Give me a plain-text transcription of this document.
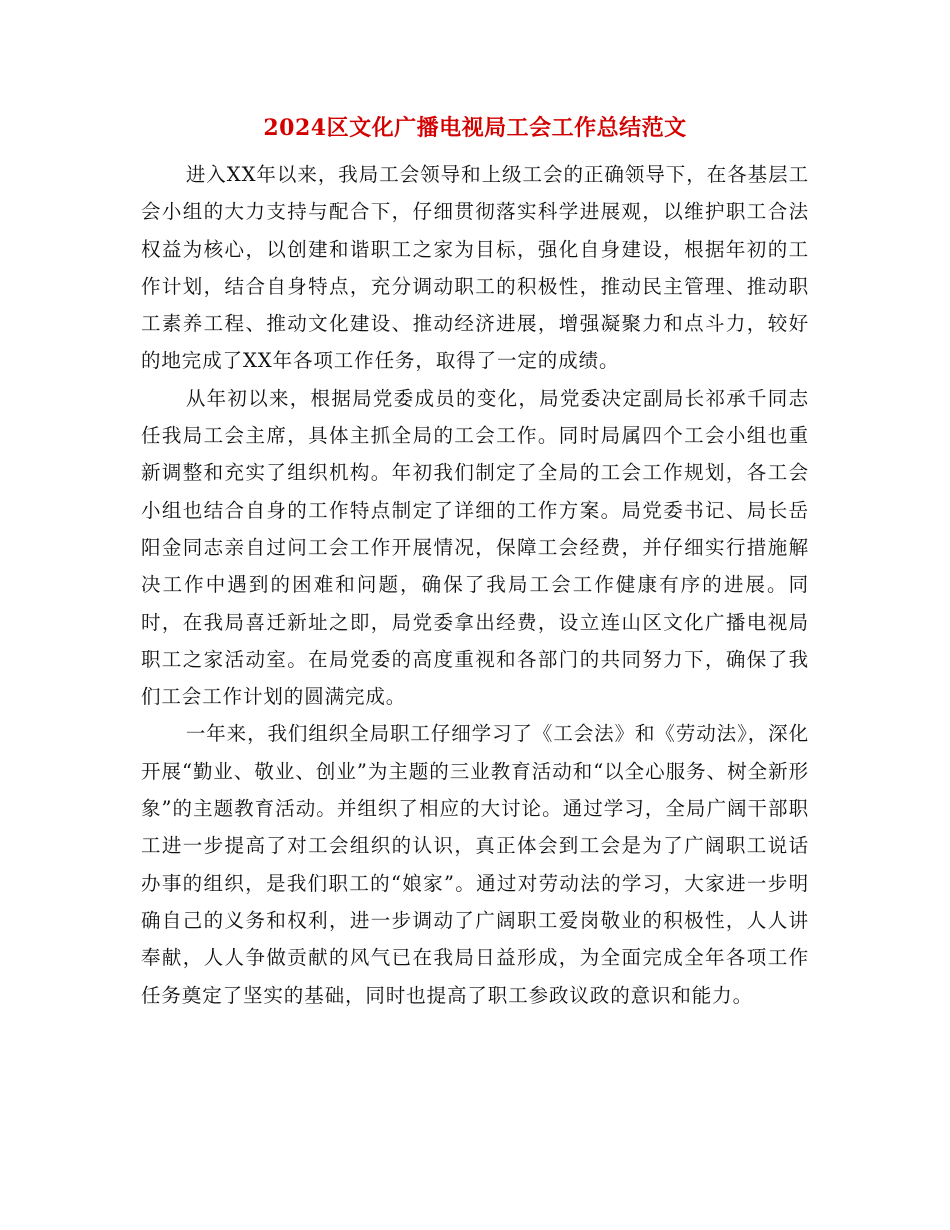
2024区文化广播电视局工会工作总结范文

进入XX年以来，我局工会领导和上级工会的正确领导下，在各基层工会小组的大力支持与配合下，仔细贯彻落实科学进展观，以维护职工合法权益为核心，以创建和谐职工之家为目标，强化自身建设，根据年初的工作计划，结合自身特点，充分调动职工的积极性，推动民主管理、推动职工素养工程、推动文化建设、推动经济进展，增强凝聚力和点斗力，较好的地完成了XX年各项工作任务，取得了一定的成绩。

从年初以来，根据局党委成员的变化，局党委决定副局长祁承千同志任我局工会主席，具体主抓全局的工会工作。同时局属四个工会小组也重新调整和充实了组织机构。年初我们制定了全局的工会工作规划，各工会小组也结合自身的工作特点制定了详细的工作方案。局党委书记、局长岳阳金同志亲自过问工会工作开展情况，保障工会经费，并仔细实行措施解决工作中遇到的困难和问题，确保了我局工会工作健康有序的进展。同时，在我局喜迁新址之即，局党委拿出经费，设立连山区文化广播电视局职工之家活动室。在局党委的高度重视和各部门的共同努力下，确保了我们工会工作计划的圆满完成。

一年来，我们组织全局职工仔细学习了《工会法》和《劳动法》，深化开展“勤业、敬业、创业”为主题的三业教育活动和“以全心服务、树全新形象”的主题教育活动。并组织了相应的大讨论。通过学习，全局广阔干部职工进一步提高了对工会组织的认识，真正体会到工会是为了广阔职工说话办事的组织，是我们职工的“娘家”。通过对劳动法的学习，大家进一步明确自己的义务和权利，进一步调动了广阔职工爱岗敬业的积极性，人人讲奉献，人人争做贡献的风气已在我局日益形成，为全面完成全年各项工作任务奠定了坚实的基础，同时也提高了职工参政议政的意识和能力。
